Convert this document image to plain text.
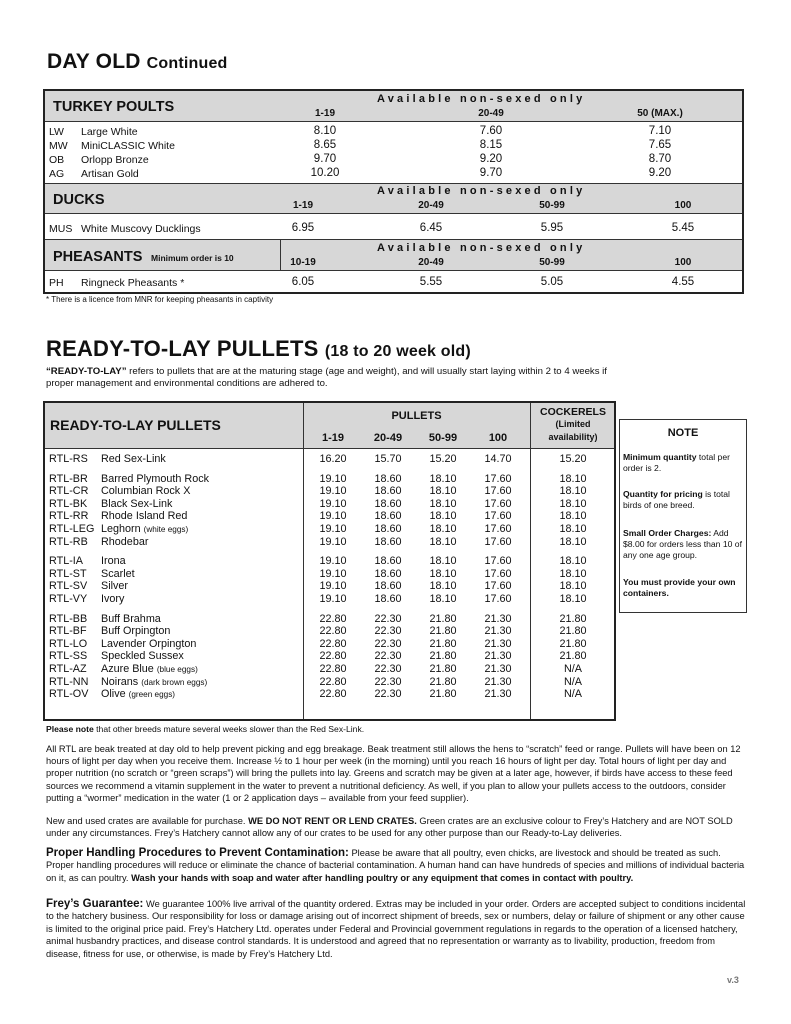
DAY OLD Continued
TURKEY POULTS	Available non-sexed only
1-19	20-49	50 (MAX.)
LW Large White	8.10	7.60	7.10
MW MiniCLASSIC White	8.65	8.15	7.65
OB Orlopp Bronze	9.70	9.20	8.70
AG Artisan Gold	10.20	9.70	9.20
DUCKS
Available non-sexed only
1-19	20-49	50-99	100
MUS White Muscovy Ducklings	6.95	6.45	5.95	5.45
PHEASANTS Minimum order is 10
Available non-sexed only
10-19	20-49	50-99	100
PH Ringneck Pheasants *	6.05	5.55	5.05	4.55
* There is a licence from MNR for keeping pheasants in captivity
READY-TO-LAY PULLETS (18 to 20 week old)
“READY-TO-LAY” refers to pullets that are at the maturing stage (age and weight), and will usually start laying within 2 to 4 weeks if proper management and environmental conditions are adhered to.
READY-TO-LAY PULLETS
PULLETS
1-19	20-49	50-99	100
COCKERELS
(Limited
availability)
RTL-RS Red Sex-Link	16.20	15.70	15.20	14.70	15.20
RTL-BR Barred Plymouth Rock	19.10	18.60	18.10	17.60	18.10
RTL-CR Columbian Rock X	19.10	18.60	18.10	17.60	18.10
RTL-BK Black Sex-Link	19.10	18.60	18.10	17.60	18.10
RTL-RR Rhode Island Red	19.10	18.60	18.10	17.60	18.10
RTL-LEG Leghorn (white eggs)	19.10	18.60	18.10	17.60	18.10
RTL-RB Rhodebar	19.10	18.60	18.10	17.60	18.10
RTL-IA Irona	19.10	18.60	18.10	17.60	18.10
RTL-ST Scarlet	19.10	18.60	18.10	17.60	18.10
RTL-SV Silver	19.10	18.60	18.10	17.60	18.10
RTL-VY Ivory	19.10	18.60	18.10	17.60	18.10
RTL-BB Buff Brahma	22.80	22.30	21.80	21.30	21.80
RTL-BF Buff Orpington	22.80	22.30	21.80	21.30	21.80
RTL-LO Lavender Orpington	22.80	22.30	21.80	21.30	21.80
RTL-SS Speckled Sussex	22.80	22.30	21.80	21.30	21.80
RTL-AZ Azure Blue (blue eggs)	22.80	22.30	21.80	21.30	N/A
RTL-NN Noirans (dark brown eggs)	22.80	22.30	21.80	21.30	N/A
RTL-OV Olive (green eggs)	22.80	22.30	21.80	21.30	N/A
Please note that other breeds mature several weeks slower than the Red Sex-Link.
NOTE
Minimum quantity total per order is 2.
Quantity for pricing is total birds of one breed.
Small Order Charges: Add $8.00 for orders less than 10 of any one age group.
You must provide your own containers.
All RTL are beak treated at day old to help prevent picking and egg breakage. Beak treatment still allows the hens to “scratch” feed or range. Pullets will have been on 12 hours of light per day when you receive them. Increase ½ to 1 hour per week (in the morning) until you reach 16 hours of light per day. Total hours of light per day and proper nutrition (no scratch or “green scraps”) will bring the pullets into lay. Greens and scratch may be given at a later age, however, if birds have access to these feed sources we recommend a vitamin supplement in the water to prevent a nutritional deficiency. As well, if you plan to allow your pullets access to the outdoors, consider putting a “wormer” medication in the water (1 or 2 application days – available from your feed supplier).
New and used crates are available for purchase. WE DO NOT RENT OR LEND CRATES. Green crates are an exclusive colour to Frey’s Hatchery and are NOT SOLD under any circumstances. Frey’s Hatchery cannot allow any of our crates to be used for any other purpose than our Ready-to-Lay deliveries.
Proper Handling Procedures to Prevent Contamination: Please be aware that all poultry, even chicks, are livestock and should be treated as such. Proper handling procedures will reduce or eliminate the chance of bacterial contamination. A human hand can have hundreds of species and millions of individual bacteria on it, as can poultry. Wash your hands with soap and water after handling poultry or any equipment that comes in contact with poultry.
Frey’s Guarantee: We guarantee 100% live arrival of the quantity ordered. Extras may be included in your order. Orders are accepted subject to conditions incidental to the hatchery business. Our responsibility for loss or damage arising out of incorrect shipment of breeds, sex or numbers, delay or failure of shipment or any other cause is limited to the original price paid. Frey’s Hatchery Ltd. operates under Federal and Provincial government regulations in regards to the operation of a licensed hatchery, animal husbandry practices, and disease control standards. It is understood and agreed that no representation or warranty as to livability, production, freedom from disease, fitness for use, or otherwise, is made by Frey’s Hatchery Ltd.
v.3
